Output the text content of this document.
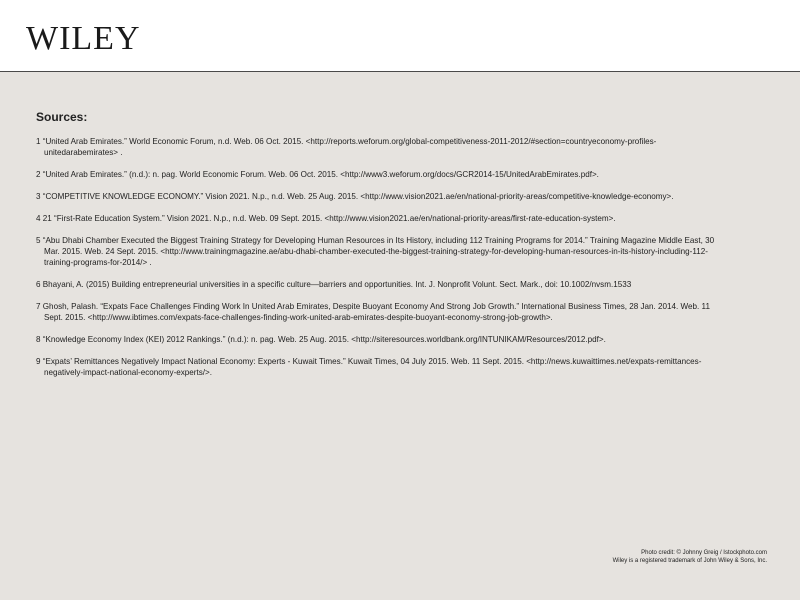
WILEY
Sources:
1 “United Arab Emirates.” World Economic Forum, n.d. Web. 06 Oct. 2015. <http://reports.weforum.org/global-competitiveness-2011-2012/#section=countryeconomy-profiles-unitedarabemirates> .
2 “United Arab Emirates.” (n.d.): n. pag. World Economic Forum. Web. 06 Oct. 2015. <http://www3.weforum.org/docs/GCR2014-15/UnitedArabEmirates.pdf>.
3 “COMPETITIVE KNOWLEDGE ECONOMY.” Vision 2021. N.p., n.d. Web. 25 Aug. 2015. <http://www.vision2021.ae/en/national-priority-areas/competitive-knowledge-economy>.
4 21 “First-Rate Education System.” Vision 2021. N.p., n.d. Web. 09 Sept. 2015. <http://www.vision2021.ae/en/national-priority-areas/first-rate-education-system>.
5 “Abu Dhabi Chamber Executed the Biggest Training Strategy for Developing Human Resources in Its History, including 112 Training Programs for 2014.” Training Magazine Middle East, 30 Mar. 2015. Web. 24 Sept. 2015. <http://www.trainingmagazine.ae/abu-dhabi-chamber-executed-the-biggest-training-strategy-for-developing-human-resources-in-its-history-including-112-training-programs-for-2014/> .
6 Bhayani, A. (2015) Building entrepreneurial universities in a specific culture—barriers and opportunities. Int. J. Nonprofit Volunt. Sect. Mark., doi: 10.1002/nvsm.1533
7 Ghosh, Palash. “Expats Face Challenges Finding Work In United Arab Emirates, Despite Buoyant Economy And Strong Job Growth.” International Business Times, 28 Jan. 2014. Web. 11 Sept. 2015. <http://www.ibtimes.com/expats-face-challenges-finding-work-united-arab-emirates-despite-buoyant-economy-strong-job-growth>.
8 “Knowledge Economy Index (KEI) 2012 Rankings.” (n.d.): n. pag. Web. 25 Aug. 2015. <http://siteresources.worldbank.org/INTUNIKAM/Resources/2012.pdf>.
9 “Expats’ Remittances Negatively Impact National Economy: Experts - Kuwait Times.” Kuwait Times, 04 July 2015. Web. 11 Sept. 2015. <http://news.kuwaittimes.net/expats-remittances-negatively-impact-national-economy-experts/>.
Photo credit: © Johnny Greig / Istockphoto.com
Wiley is a registered trademark of John Wiley & Sons, Inc.
